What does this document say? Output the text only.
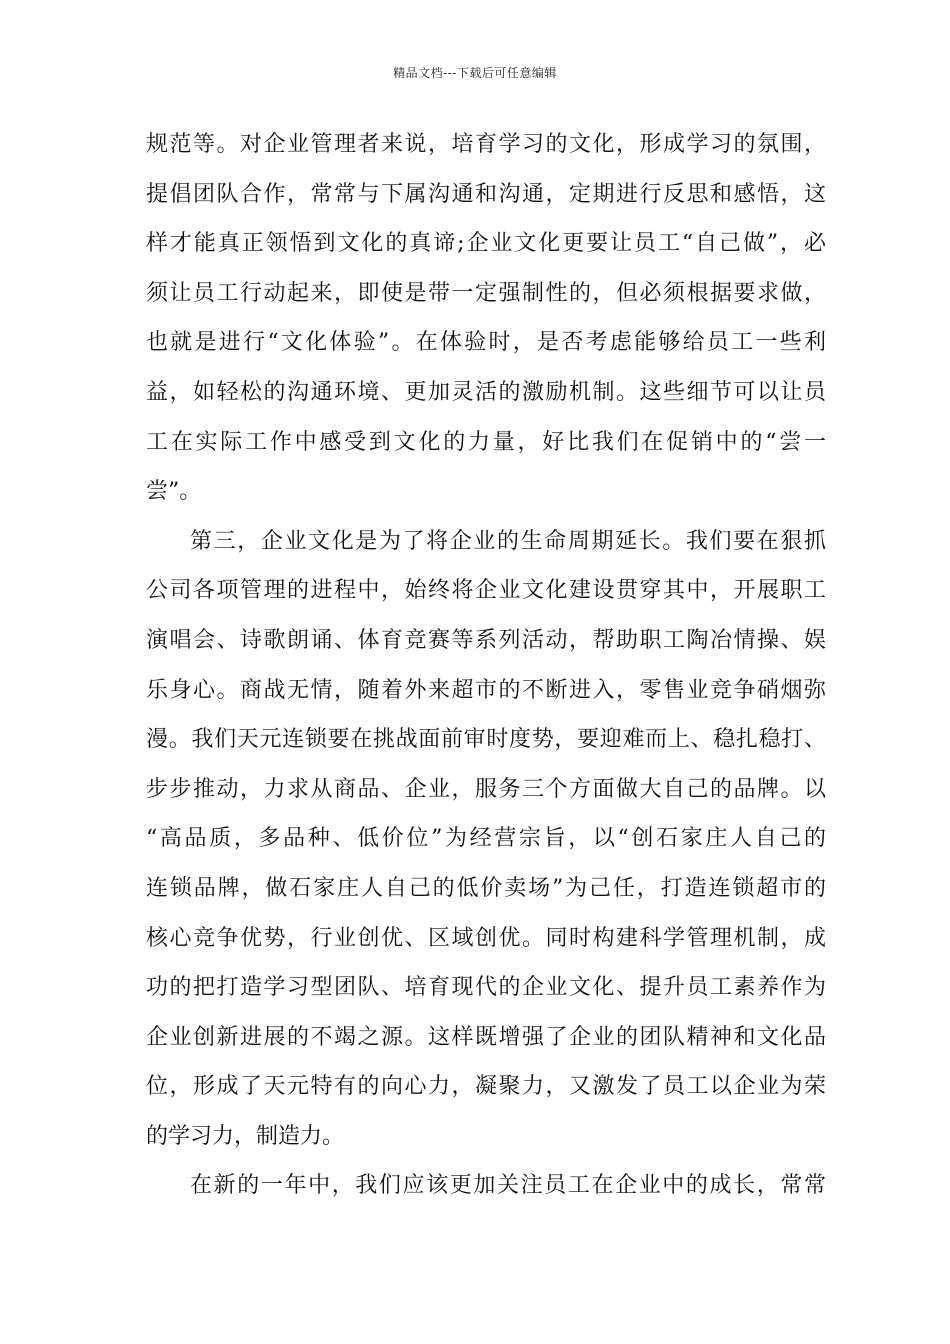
精品文档---下载后可任意编辑
规范等。对企业管理者来说，培育学习的文化，形成学习的氛围，
提倡团队合作，常常与下属沟通和沟通，定期进行反思和感悟，这
样才能真正领悟到文化的真谛;企业文化更要让员工“自己做”，必
须让员工行动起来，即使是带一定强制性的，但必须根据要求做，
也就是进行“文化体验”。在体验时，是否考虑能够给员工一些利
益，如轻松的沟通环境、更加灵活的激励机制。这些细节可以让员
工在实际工作中感受到文化的力量，好比我们在促销中的“尝一
尝”。
第三，企业文化是为了将企业的生命周期延长。我们要在狠抓
公司各项管理的进程中，始终将企业文化建设贯穿其中，开展职工
演唱会、诗歌朗诵、体育竞赛等系列活动，帮助职工陶冶情操、娱
乐身心。商战无情，随着外来超市的不断进入，零售业竞争硝烟弥
漫。我们天元连锁要在挑战面前审时度势，要迎难而上、稳扎稳打、
步步推动，力求从商品、企业，服务三个方面做大自己的品牌。以
“高品质，多品种、低价位”为经营宗旨，以“创石家庄人自己的
连锁品牌，做石家庄人自己的低价卖场”为己任，打造连锁超市的
核心竞争优势，行业创优、区域创优。同时构建科学管理机制，成
功的把打造学习型团队、培育现代的企业文化、提升员工素养作为
企业创新进展的不竭之源。这样既增强了企业的团队精神和文化品
位，形成了天元特有的向心力，凝聚力，又激发了员工以企业为荣
的学习力，制造力。
在新的一年中，我们应该更加关注员工在企业中的成长，常常
